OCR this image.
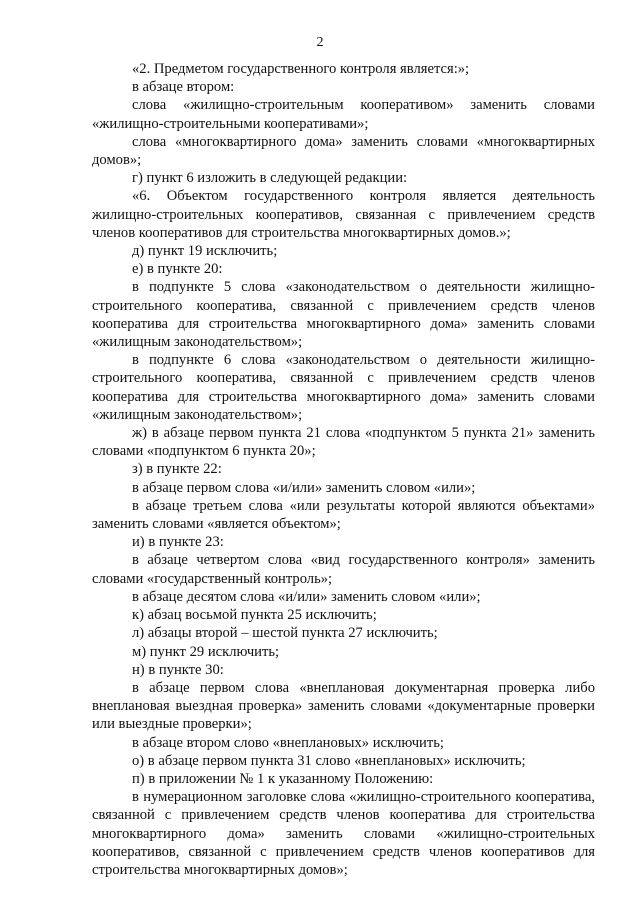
2

«2. Предметом государственного контроля является:»;

в абзаце втором:

слова «жилищно-строительным кооперативом» заменить словами «жилищно-строительными кооперативами»;

слова «многоквартирного дома» заменить словами «многоквартирных домов»;

г) пункт 6 изложить в следующей редакции:

«6. Объектом государственного контроля является деятельность жилищно-строительных кооперативов, связанная с привлечением средств членов кооперативов для строительства многоквартирных домов.»;

д) пункт 19 исключить;

е) в пункте 20:

в подпункте 5 слова «законодательством о деятельности жилищно-строительного кооператива, связанной с привлечением средств членов кооператива для строительства многоквартирного дома» заменить словами «жилищным законодательством»;

в подпункте 6 слова «законодательством о деятельности жилищно-строительного кооператива, связанной с привлечением средств членов кооператива для строительства многоквартирного дома» заменить словами «жилищным законодательством»;

ж) в абзаце первом пункта 21 слова «подпунктом 5 пункта 21» заменить словами «подпунктом 6 пункта 20»;

з) в пункте 22:

в абзаце первом слова «и/или» заменить словом «или»;

в абзаце третьем слова «или результаты которой являются объектами» заменить словами «является объектом»;

и) в пункте 23:

в абзаце четвертом слова «вид государственного контроля» заменить словами «государственный контроль»;

в абзаце десятом слова «и/или» заменить словом «или»;

к) абзац восьмой пункта 25 исключить;

л) абзацы второй – шестой пункта 27 исключить;

м) пункт 29 исключить;

н) в пункте 30:

в абзаце первом слова «внеплановая документарная проверка либо внеплановая выездная проверка» заменить словами «документарные проверки или выездные проверки»;

в абзаце втором слово «внеплановых» исключить;

о) в абзаце первом пункта 31 слово «внеплановых» исключить;

п) в приложении № 1 к указанному Положению:

в нумерационном заголовке слова «жилищно-строительного кооператива, связанной с привлечением средств членов кооператива для строительства многоквартирного дома» заменить словами «жилищно-строительных кооперативов, связанной с привлечением средств членов кооперативов для строительства многоквартирных домов»;
